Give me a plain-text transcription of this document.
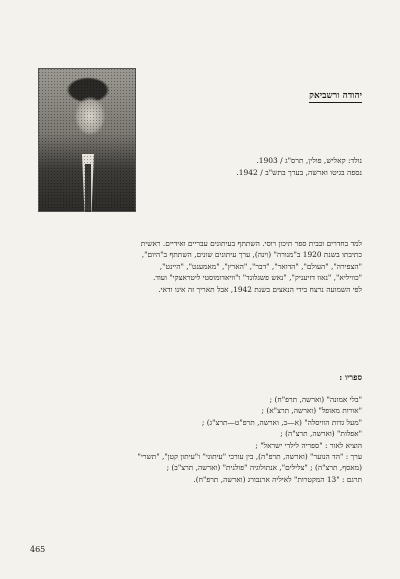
יהודה ורשביאק
נולד: קאליש, פולין, תרס"ג / 1903.
נספה בגיטו וארשה, בערך בתש"ב / 1942.
למד בחדרים ובבית ספר תיכון רוסי. השתתף בעיתונים עבריים ואידיים. ראשית
כתיבתו בשנת 1920 ב"מנורה" (וינה), ערך עיתונים שונים, השתתף ב"היום",
"הצפירה", "העולם", "הדואר", "דבר", "הארץ", "מאמענט", "היינט",
"כוויליא", "נאוו דזיעניק", "נאש פשגלונד" ו"וויאדומוסטי ליטראצקי" ועוד.
לפי השמועה נרצח בידי הנאצים בשנת 1942, אבל תאריך זה אינו ודאי.
ספריו :
"בלי אמונה" (וארשה, תרפ"ח) ;
"אורות מאופל" (וארשה, תרצ"א) ;
"מעל גדות הוויסלה" (א—ב, וארשה, תרפ"ט—תרצ"ג) ;
"אפלות" (וארשה, תרצ"ה) ;
הוציא לאור : "ספריה לילדי ישראל" ;
ערך : "הד הנוער" (וארשה, תרפ"ה), בין עורכי "עיתוני" ו"עיתון קטן", "תשרי"
(מאסף, תרצ"ה) ; "צלילים", אנתולוגיה "פולנית" (וארשה, תרצ"ב) ;
תרגם : "13 המקטרות" לאיליה ארנבורג (וארשה, תרפ"ח).
465
